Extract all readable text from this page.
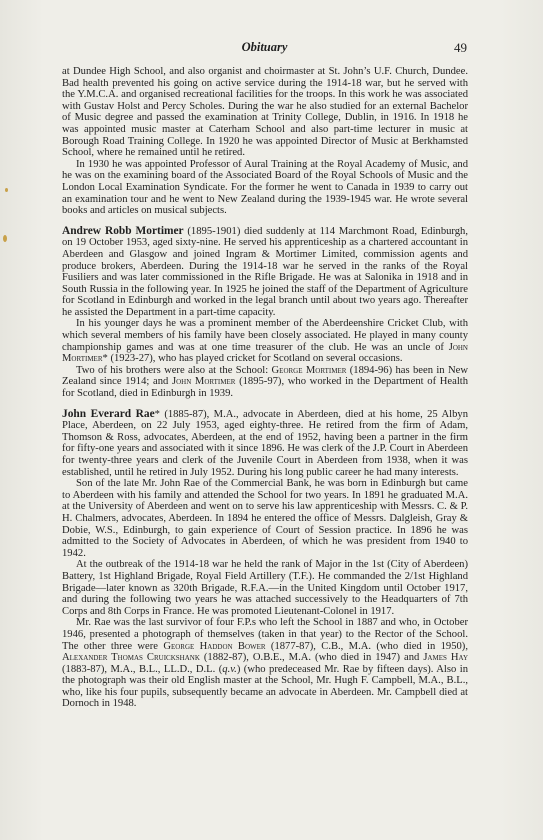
Obituary	49

at Dundee High School, and also organist and choirmaster at St. John’s U.F. Church, Dundee. Bad health prevented his going on active service during the 1914-18 war, but he served with the Y.M.C.A. and organised recreational facilities for the troops. In this work he was associated with Gustav Holst and Percy Scholes. During the war he also studied for an external Bachelor of Music degree and passed the examination at Trinity College, Dublin, in 1916. In 1918 he was appointed music master at Caterham School and also part-time lecturer in music at Borough Road Training College. In 1920 he was appointed Director of Music at Berkhamsted School, where he remained until he retired.

In 1930 he was appointed Professor of Aural Training at the Royal Academy of Music, and he was on the examining board of the Associated Board of the Royal Schools of Music and the London Local Examination Syndicate. For the former he went to Canada in 1939 to carry out an examination tour and he went to New Zealand during the 1939-1945 war. He wrote several books and articles on musical subjects.

Andrew Robb Mortimer (1895-1901) died suddenly at 114 Marchmont Road, Edinburgh, on 19 October 1953, aged sixty-nine. He served his apprenticeship as a chartered accountant in Aberdeen and Glasgow and joined Ingram & Mortimer Limited, commission agents and produce brokers, Aberdeen. During the 1914-18 war he served in the ranks of the Royal Fusiliers and was later commissioned in the Rifle Brigade. He was at Salonika in 1918 and in South Russia in the following year. In 1925 he joined the staff of the Department of Agriculture for Scotland in Edinburgh and worked in the legal branch until about two years ago. Thereafter he assisted the Department in a part-time capacity.

In his younger days he was a prominent member of the Aberdeenshire Cricket Club, with which several members of his family have been closely associated. He played in many county championship games and was at one time treasurer of the club. He was an uncle of John Mortimer* (1923-27), who has played cricket for Scotland on several occasions.

Two of his brothers were also at the School: George Mortimer (1894-96) has been in New Zealand since 1914; and John Mortimer (1895-97), who worked in the Department of Health for Scotland, died in Edinburgh in 1939.

John Everard Rae* (1885-87), M.A., advocate in Aberdeen, died at his home, 25 Albyn Place, Aberdeen, on 22 July 1953, aged eighty-three. He retired from the firm of Adam, Thomson & Ross, advocates, Aberdeen, at the end of 1952, having been a partner in the firm for fifty-one years and associated with it since 1896. He was clerk of the J.P. Court in Aberdeen for twenty-three years and clerk of the Juvenile Court in Aberdeen from 1938, when it was established, until he retired in July 1952. During his long public career he had many interests.

Son of the late Mr. John Rae of the Commercial Bank, he was born in Edinburgh but came to Aberdeen with his family and attended the School for two years. In 1891 he graduated M.A. at the University of Aberdeen and went on to serve his law apprenticeship with Messrs. C. & P. H. Chalmers, advocates, Aberdeen. In 1894 he entered the office of Messrs. Dalgleish, Gray & Dobie, W.S., Edinburgh, to gain experience of Court of Session practice. In 1896 he was admitted to the Society of Advocates in Aberdeen, of which he was president from 1940 to 1942.

At the outbreak of the 1914-18 war he held the rank of Major in the 1st (City of Aberdeen) Battery, 1st Highland Brigade, Royal Field Artillery (T.F.). He commanded the 2/1st Highland Brigade—later known as 320th Brigade, R.F.A.—in the United Kingdom until October 1917, and during the following two years he was attached successively to the Headquarters of 7th Corps and 8th Corps in France. He was promoted Lieutenant-Colonel in 1917.

Mr. Rae was the last survivor of four F.P.s who left the School in 1887 and who, in October 1946, presented a photograph of themselves (taken in that year) to the Rector of the School. The other three were George Haddon Bower (1877-87), C.B., M.A. (who died in 1950), Alexander Thomas Cruickshank (1882-87), O.B.E., M.A. (who died in 1947) and James Hay (1883-87), M.A., B.L., LL.D., D.L. (q.v.) (who predeceased Mr. Rae by fifteen days). Also in the photograph was their old English master at the School, Mr. Hugh F. Campbell, M.A., B.L., who, like his four pupils, subsequently became an advocate in Aberdeen. Mr. Campbell died at Dornoch in 1948.
